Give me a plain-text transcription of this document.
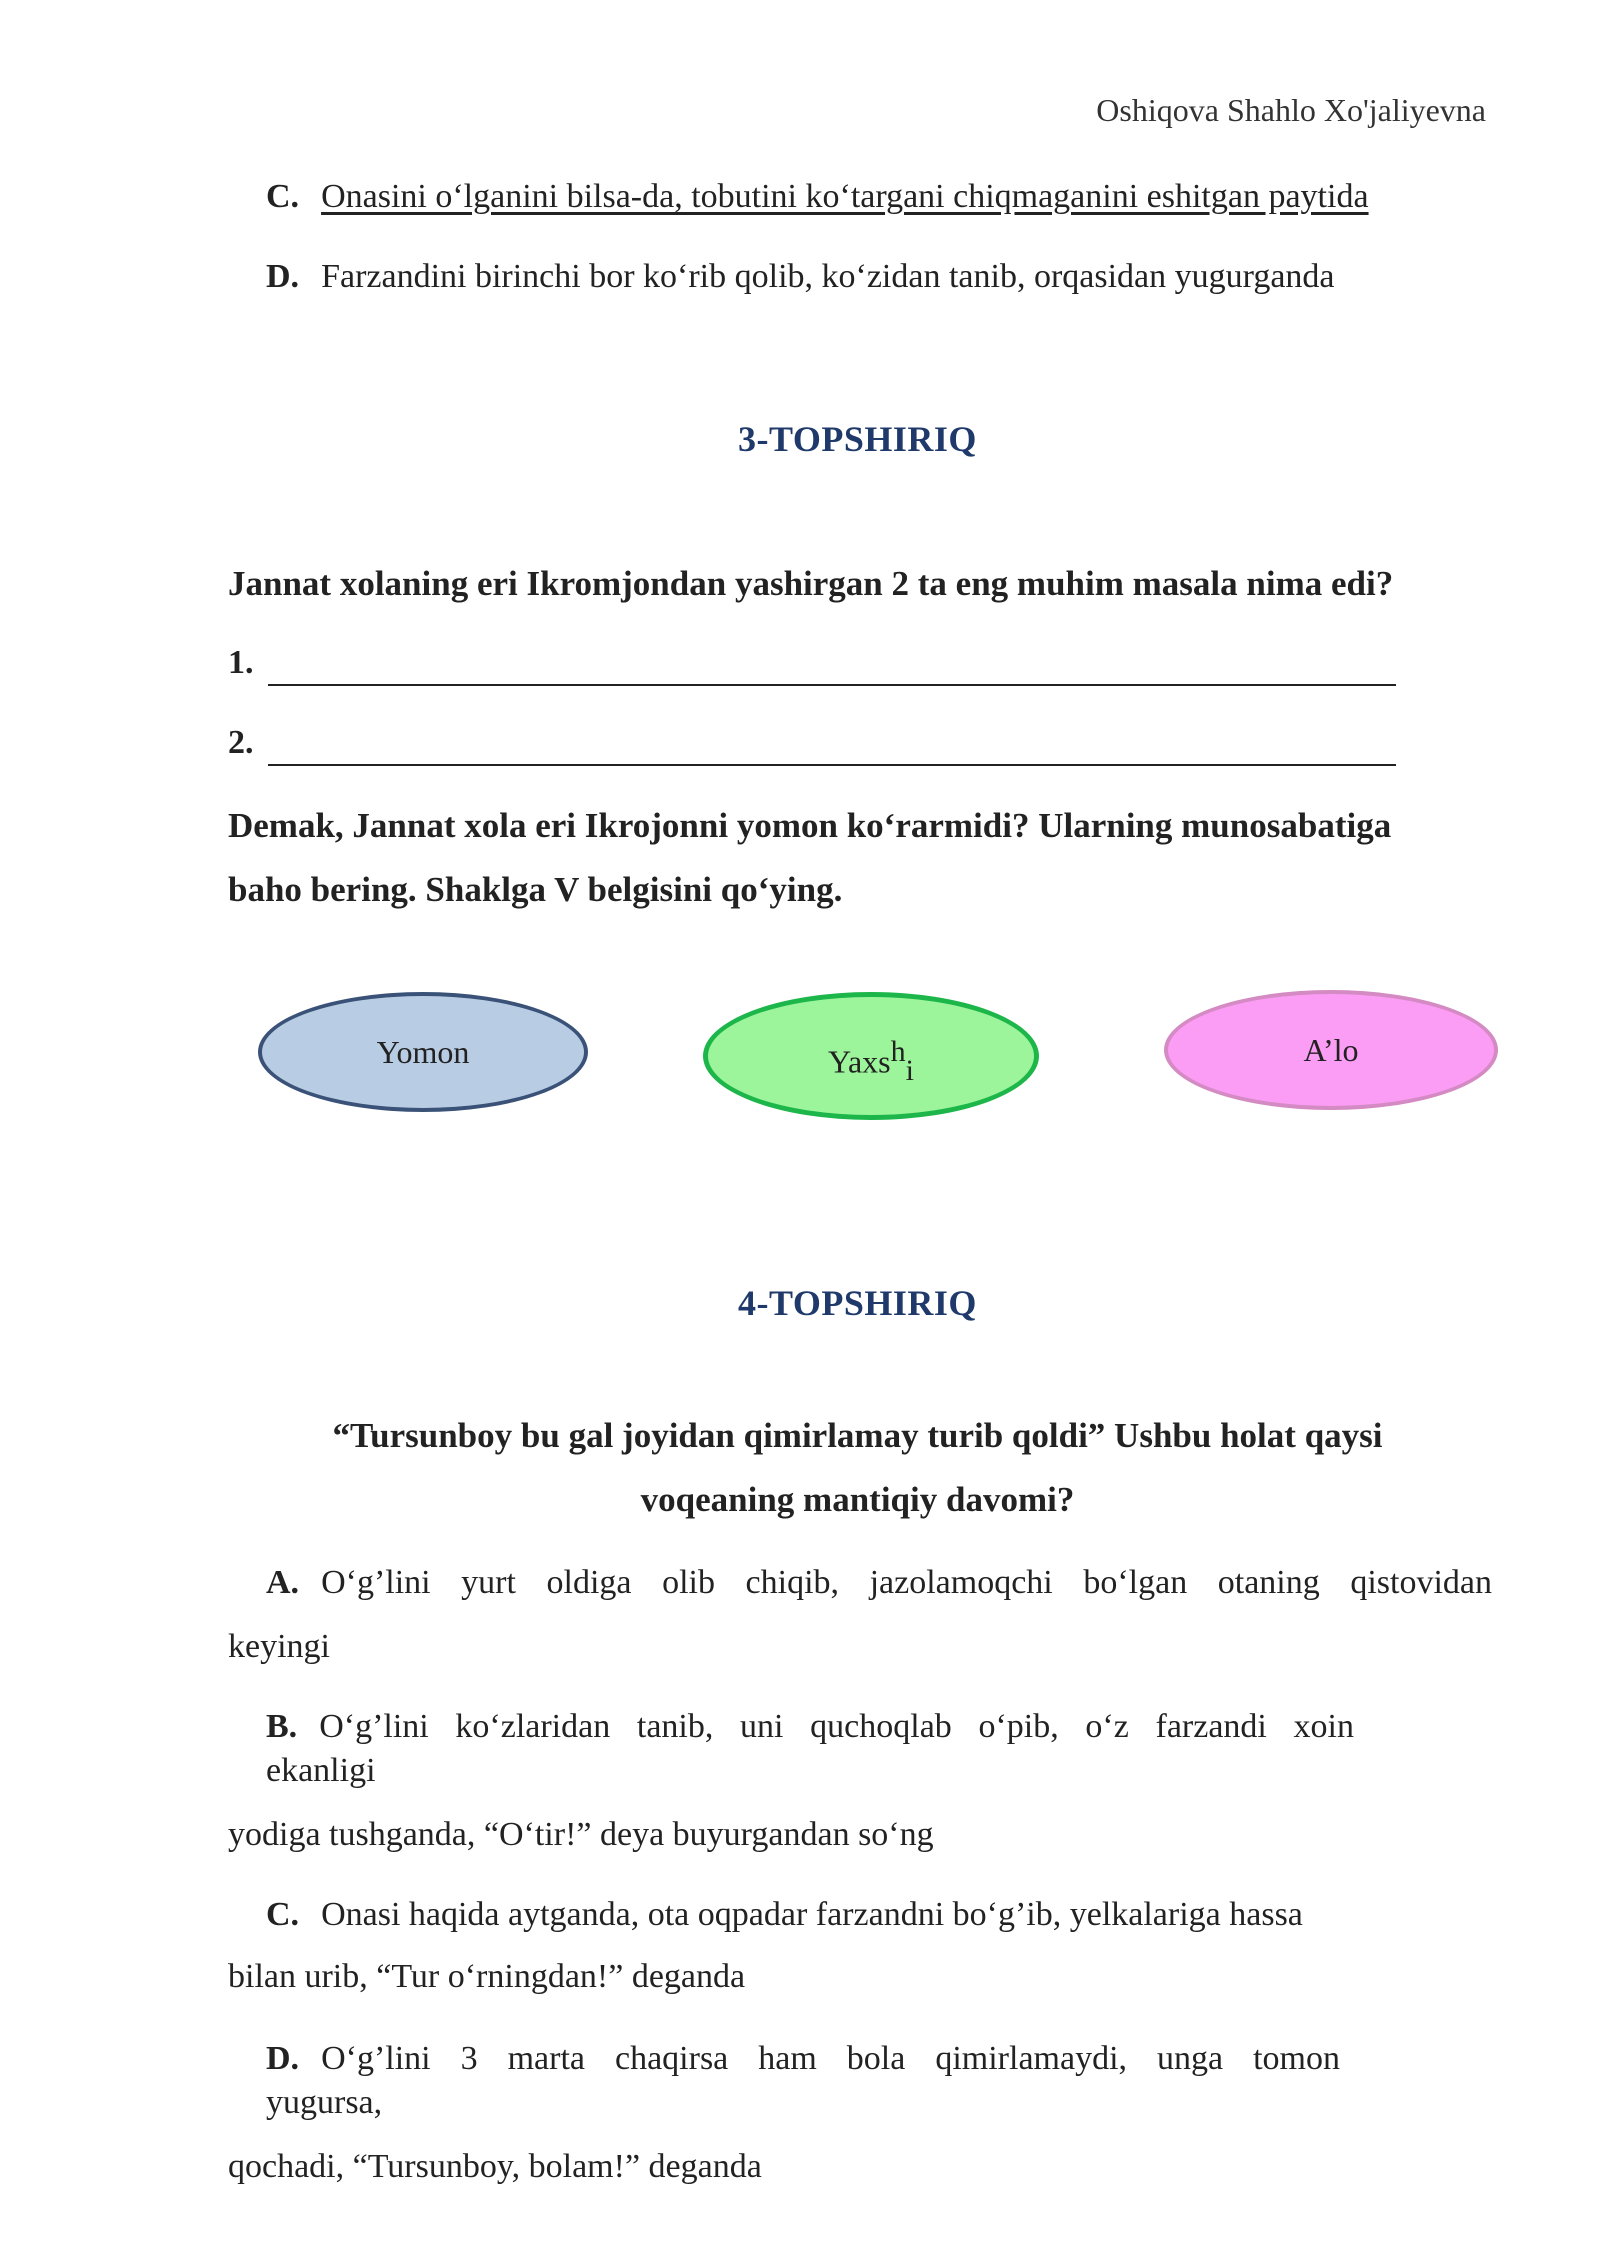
Oshiqova Shahlo Xo'jaliyevna
C. Onasini o‘lganini bilsa-da, tobutini ko‘targani chiqmaganini eshitgan paytida
D. Farzandini birinchi bor ko‘rib qolib, ko‘zidan tanib, orqasidan yugurganda
3-TOPSHIRIQ
Jannat xolaning eri Ikromjondan yashirgan 2 ta eng muhim masala nima edi?
1.
2.
Demak, Jannat xola eri Ikrojonni yomon ko‘rarmidi? Ularning munosabatiga
baho bering. Shaklga V belgisini qo‘ying.
Yomon	Yaxs$^h_i$
A’lo
4-TOPSHIRIQ
“Tursunboy bu gal joyidan qimirlamay turib qoldi” Ushbu holat qaysi
voqeaning mantiqiy davomi?
A. O‘g’lini yurt oldiga olib chiqib, jazolamoqchi bo‘lgan otaning qistovidan
keyingi
B. O‘g’lini ko‘zlaridan tanib, uni quchoqlab o‘pib, o‘z farzandi xoin
ekanligi
yodiga tushganda, “O‘tir!” deya buyurgandan so‘ng
C. Onasi haqida aytganda, ota oqpadar farzandni bo‘g’ib, yelkalariga hassa
bilan urib, “Tur o‘rningdan!” deganda
D. O‘g’lini 3 marta chaqirsa ham bola qimirlamaydi, unga tomon
yugursa,
qochadi, “Tursunboy, bolam!” deganda
